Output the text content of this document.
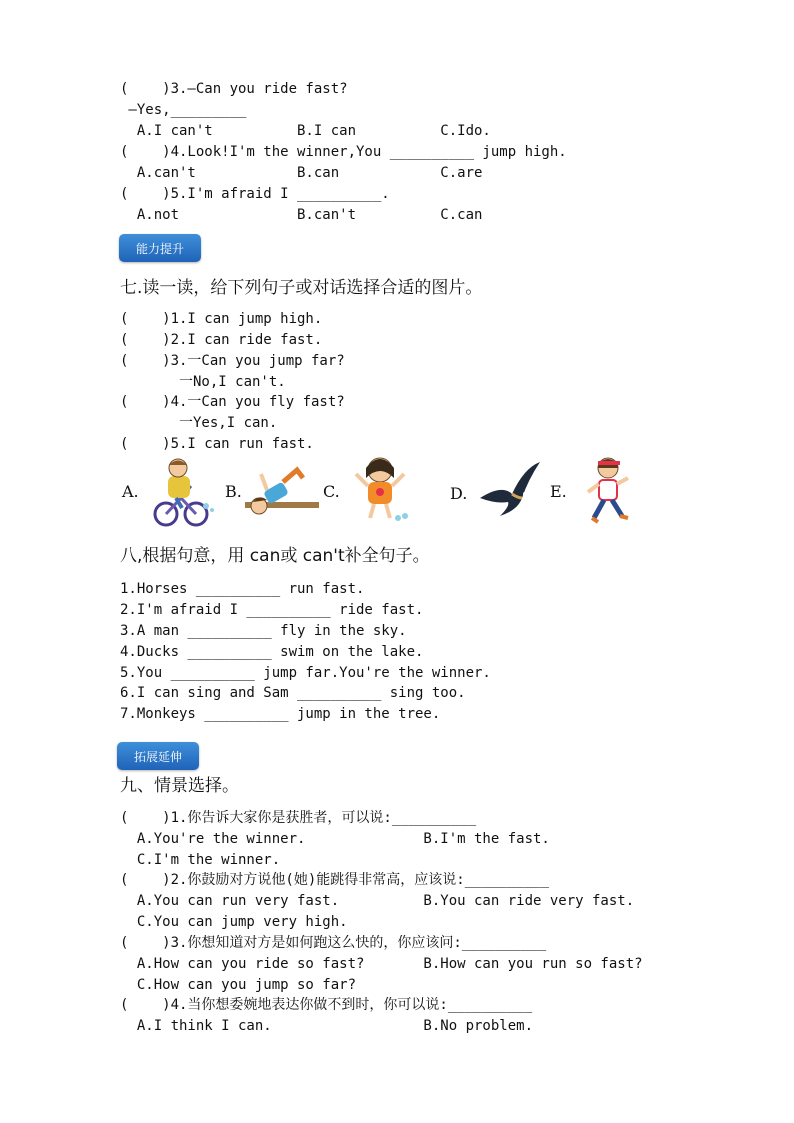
(    )3.—Can you ride fast?
—Yes,_________
A.I can't          B.I can          C.Ido.
(    )4.Look!I'm the winner,You __________ jump high.
A.can't            B.can            C.are
(    )5.I'm afraid I __________.
A.not              B.can't          C.can
能力提升
七.读一读，给下列句子或对话选择合适的图片。
(    )1.I can jump high.
(    )2.I can ride fast.
(    )3.一Can you jump far?
一No,I can't.
(    )4.一Can you fly fast?
一Yes,I can.
(    )5.I can run fast.
A.	B.	C.	D.	E.
八,根据句意，用 can或 can't补全句子。
1.Horses __________ run fast.
2.I'm afraid I __________ ride fast.
3.A man __________ fly in the sky.
4.Ducks __________ swim on the lake.
5.You __________ jump far.You're the winner.
6.I can sing and Sam __________ sing too.
7.Monkeys __________ jump in the tree.
拓展延伸
九、情景选择。
(    )1.你告诉大家你是获胜者，可以说:__________
A.You're the winner.              B.I'm the fast.
C.I'm the winner.
(    )2.你鼓励对方说他(她)能跳得非常高，应该说:__________
A.You can run very fast.          B.You can ride very fast.
C.You can jump very high.
(    )3.你想知道对方是如何跑这么快的，你应该问:__________
A.How can you ride so fast?       B.How can you run so fast?
C.How can you jump so far?
(    )4.当你想委婉地表达你做不到时，你可以说:__________
A.I think I can.                  B.No problem.
